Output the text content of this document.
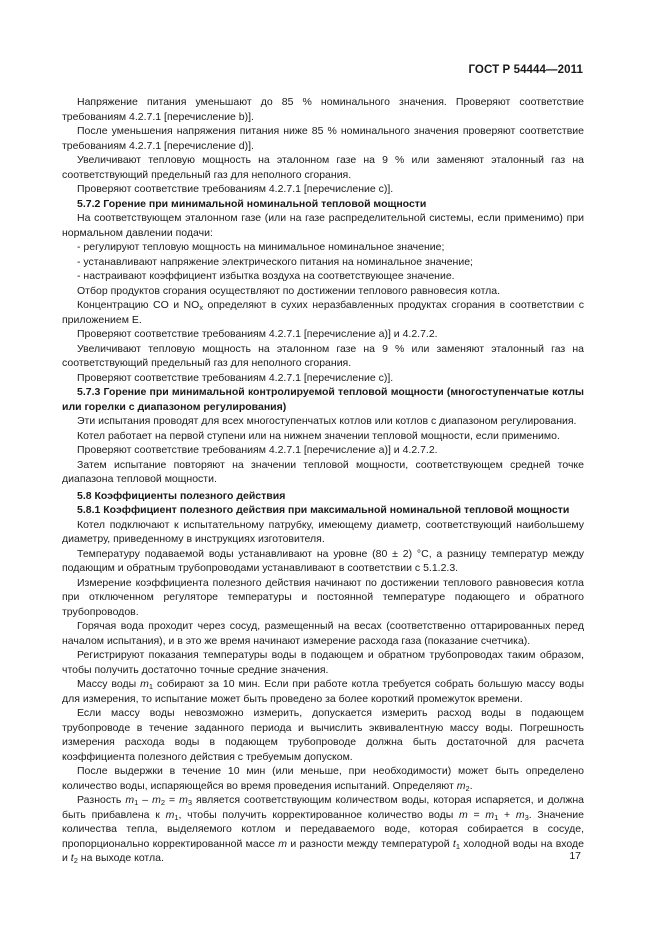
ГОСТ Р 54444—2011

Напряжение питания уменьшают до 85 % номинального значения. Проверяют соответствие требованиям 4.2.7.1 [перечисление b)].

После уменьшения напряжения питания ниже 85 % номинального значения проверяют соответствие требованиям 4.2.7.1 [перечисление d)].

Увеличивают тепловую мощность на эталонном газе на 9 % или заменяют эталонный газ на соответствующий предельный газ для неполного сгорания.

Проверяют соответствие требованиям 4.2.7.1 [перечисление c)].

5.7.2 Горение при минимальной номинальной тепловой мощности

На соответствующем эталонном газе (или на газе распределительной системы, если применимо) при нормальном давлении подачи:

- регулируют тепловую мощность на минимальное номинальное значение;

- устанавливают напряжение электрического питания на номинальное значение;

- настраивают коэффициент избытка воздуха на соответствующее значение.

Отбор продуктов сгорания осуществляют по достижении теплового равновесия котла.

Концентрацию CO и $NO_x$ определяют в сухих неразбавленных продуктах сгорания в соответствии с приложением Е.

Проверяют соответствие требованиям 4.2.7.1 [перечисление a)] и 4.2.7.2.

Увеличивают тепловую мощность на эталонном газе на 9 % или заменяют эталонный газ на соответствующий предельный газ для неполного сгорания.

Проверяют соответствие требованиям 4.2.7.1 [перечисление c)].

5.7.3 Горение при минимальной контролируемой тепловой мощности (многоступенчатые котлы или горелки с диапазоном регулирования)

Эти испытания проводят для всех многоступенчатых котлов или котлов с диапазоном регулирования.

Котел работает на первой ступени или на нижнем значении тепловой мощности, если применимо.

Проверяют соответствие требованиям 4.2.7.1 [перечисление a)] и 4.2.7.2.

Затем испытание повторяют на значении тепловой мощности, соответствующем средней точке диапазона тепловой мощности.

5.8 Коэффициенты полезного действия

5.8.1 Коэффициент полезного действия при максимальной номинальной тепловой мощности

Котел подключают к испытательному патрубку, имеющему диаметр, соответствующий наибольшему диаметру, приведенному в инструкциях изготовителя.

Температуру подаваемой воды устанавливают на уровне (80 ± 2) °С, а разницу температур между подающим и обратным трубопроводами устанавливают в соответствии с 5.1.2.3.

Измерение коэффициента полезного действия начинают по достижении теплового равновесия котла при отключенном регуляторе температуры и постоянной температуре подающего и обратного трубопроводов.

Горячая вода проходит через сосуд, размещенный на весах (соответственно оттарированных перед началом испытания), и в это же время начинают измерение расхода газа (показание счетчика).

Регистрируют показания температуры воды в подающем и обратном трубопроводах таким образом, чтобы получить достаточно точные средние значения.

Массу воды $m_1$ собирают за 10 мин. Если при работе котла требуется собрать большую массу воды для измерения, то испытание может быть проведено за более короткий промежуток времени.

Если массу воды невозможно измерить, допускается измерить расход воды в подающем трубопроводе в течение заданного периода и вычислить эквивалентную массу воды. Погрешность измерения расхода воды в подающем трубопроводе должна быть достаточной для расчета коэффициента полезного действия с требуемым допуском.

После выдержки в течение 10 мин (или меньше, при необходимости) может быть определено количество воды, испаряющейся во время проведения испытаний. Определяют $m_2$.

Разность $m_1 - m_2 = m_3$ является соответствующим количеством воды, которая испаряется, и должна быть прибавлена к $m_1$, чтобы получить корректированное количество воды $m = m_1 + m_3$. Значение количества тепла, выделяемого котлом и передаваемого воде, которая собирается в сосуде, пропорционально корректированной массе m и разности между температурой $t_1$ холодной воды на входе и $t_2$ на выходе котла.	17
